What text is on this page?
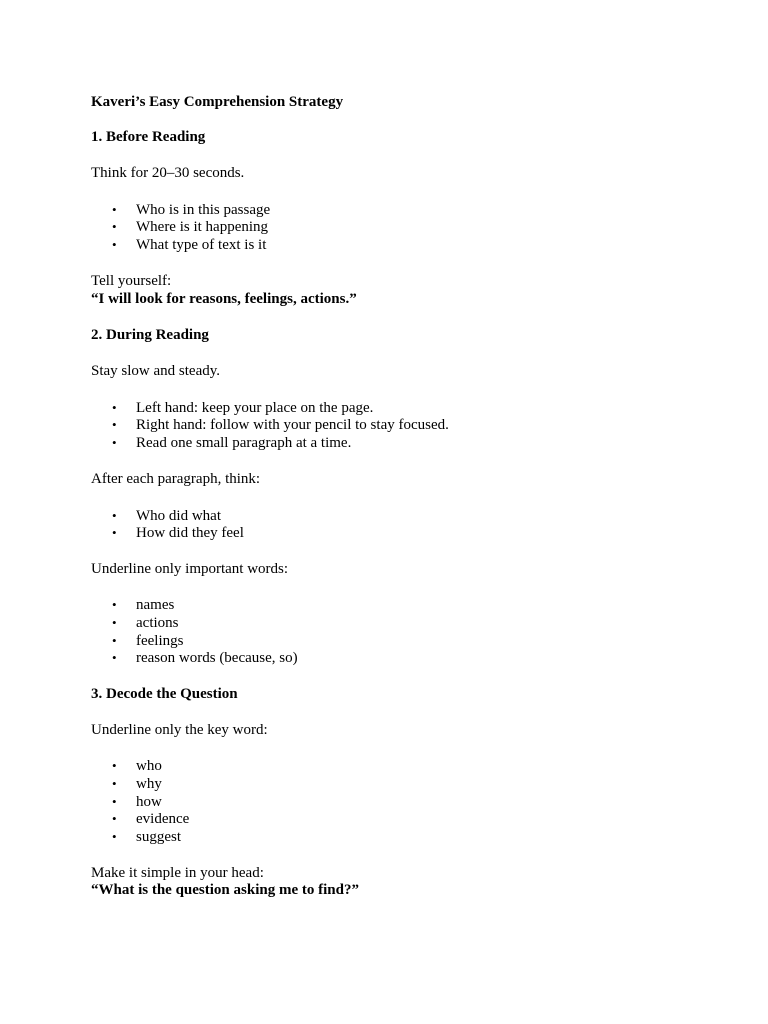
Kaveri’s Easy Comprehension Strategy
1. Before Reading
Think for 20–30 seconds.
• Who is in this passage
• Where is it happening
• What type of text is it
Tell yourself:
“I will look for reasons, feelings, actions.”
2. During Reading
Stay slow and steady.
• Left hand: keep your place on the page.
• Right hand: follow with your pencil to stay focused.
• Read one small paragraph at a time.
After each paragraph, think:
• Who did what
• How did they feel
Underline only important words:
• names
• actions
• feelings
• reason words (because, so)
3. Decode the Question
Underline only the key word:
• who
• why
• how
• evidence
• suggest
Make it simple in your head:
“What is the question asking me to find?”
